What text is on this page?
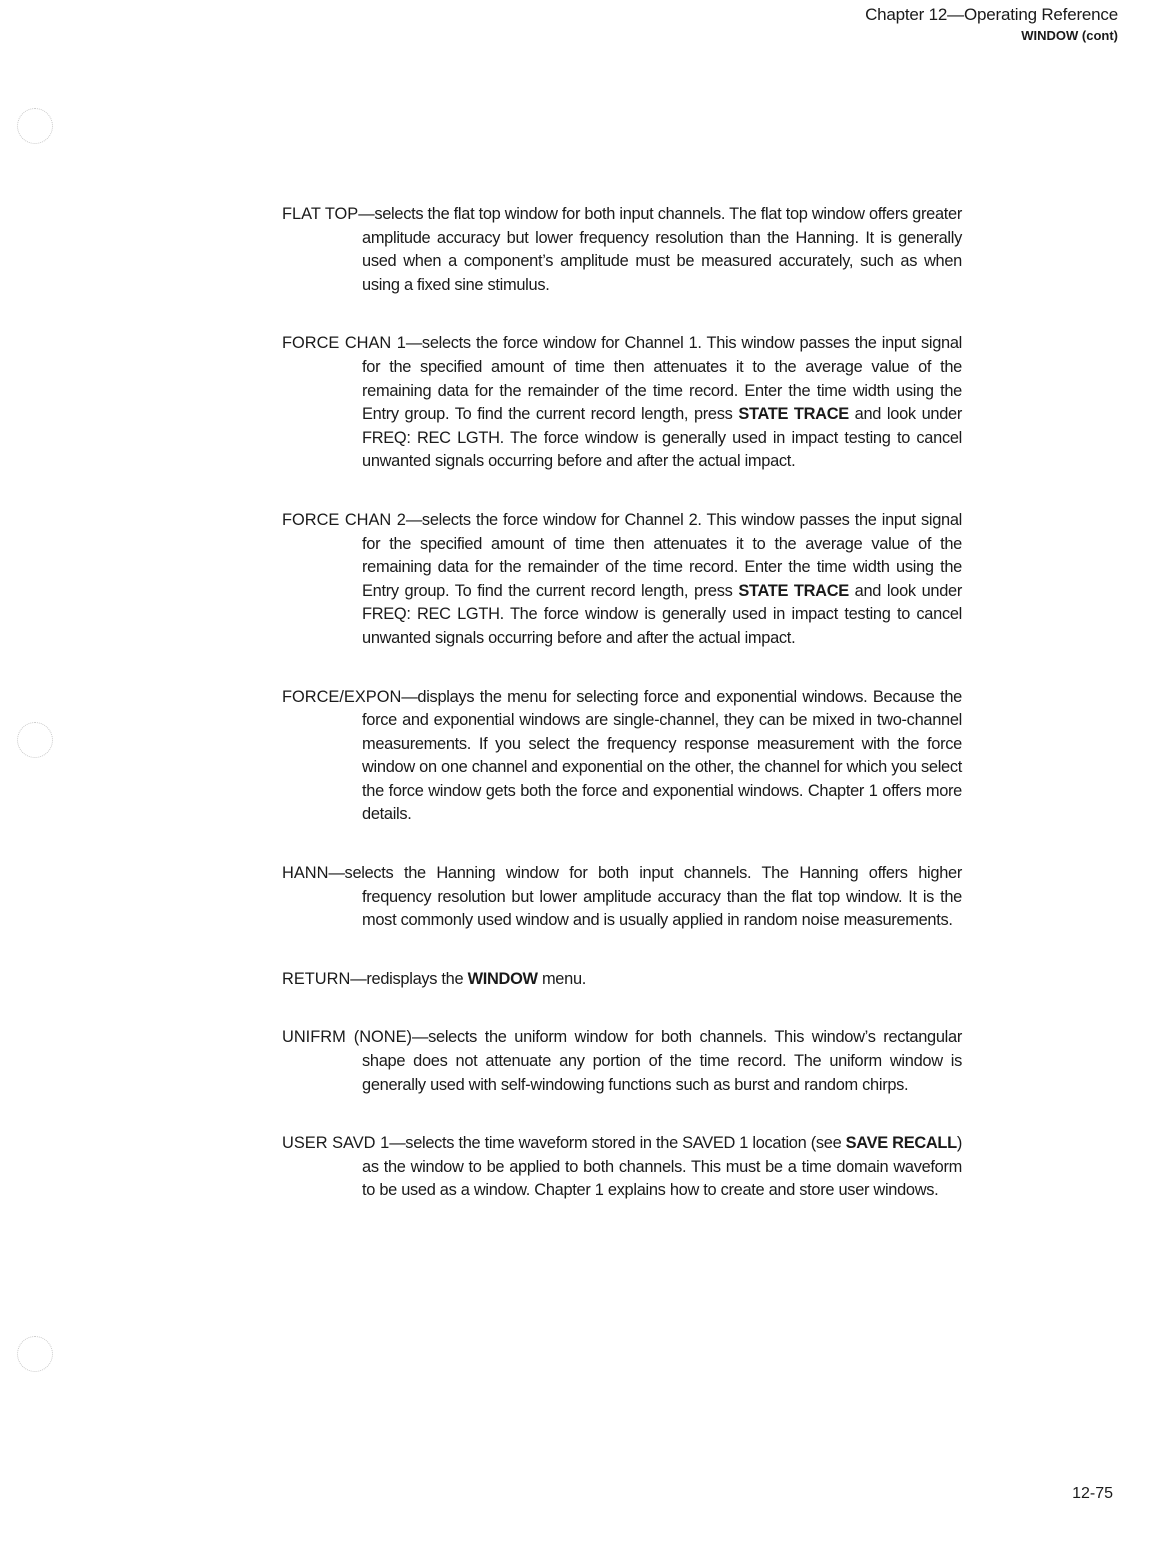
Chapter 12—Operating Reference
WINDOW (cont)

FLAT TOP—selects the flat top window for both input channels. The flat top window offers greater amplitude accuracy but lower frequency resolution than the Hanning. It is generally used when a component’s amplitude must be measured accurately, such as when using a fixed sine stimulus.

FORCE CHAN 1—selects the force window for Channel 1. This window passes the input signal for the specified amount of time then attenuates it to the average value of the remaining data for the remainder of the time record. Enter the time width using the Entry group. To find the current record length, press STATE TRACE and look under FREQ: REC LGTH. The force window is generally used in impact testing to cancel unwanted signals occurring before and after the actual impact.

FORCE CHAN 2—selects the force window for Channel 2. This window passes the input signal for the specified amount of time then attenuates it to the average value of the remaining data for the remainder of the time record. Enter the time width using the Entry group. To find the current record length, press STATE TRACE and look under FREQ: REC LGTH. The force window is generally used in impact testing to cancel unwanted signals occurring before and after the actual impact.

FORCE/EXPON—displays the menu for selecting force and exponential windows. Because the force and exponential windows are single-channel, they can be mixed in two-channel measurements. If you select the frequency response measurement with the force window on one channel and exponential on the other, the channel for which you select the force window gets both the force and exponential windows. Chapter 1 offers more details.

HANN—selects the Hanning window for both input channels. The Hanning offers higher frequency resolution but lower amplitude accuracy than the flat top window. It is the most commonly used window and is usually applied in random noise measurements.

RETURN—redisplays the WINDOW menu.

UNIFRM (NONE)—selects the uniform window for both channels. This window’s rectangular shape does not attenuate any portion of the time record. The uniform window is generally used with self-windowing functions such as burst and random chirps.

USER SAVD 1—selects the time waveform stored in the SAVED 1 location (see SAVE RECALL) as the window to be applied to both channels. This must be a time domain waveform to be used as a window. Chapter 1 explains how to create and store user windows.

12-75
